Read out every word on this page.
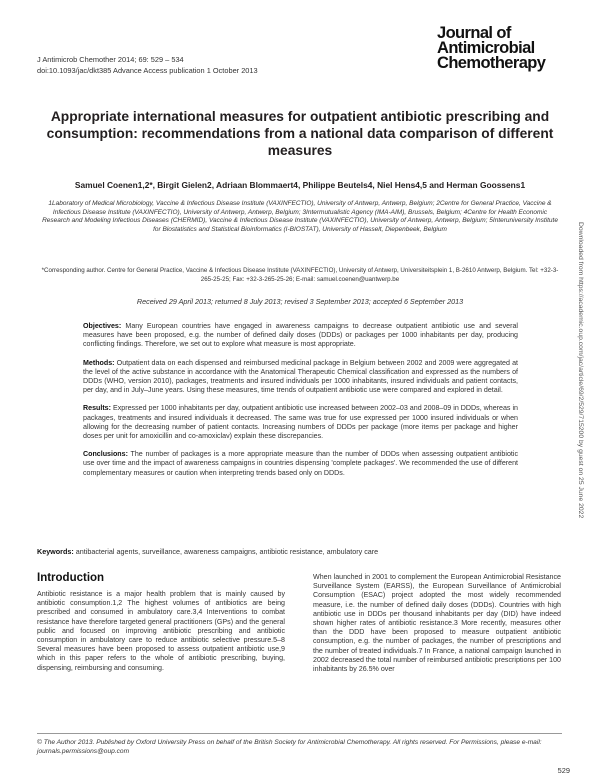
J Antimicrob Chemother 2014; 69: 529 – 534
doi:10.1093/jac/dkt385 Advance Access publication 1 October 2013
Journal of
Antimicrobial
Chemotherapy
Appropriate international measures for outpatient antibiotic prescribing and consumption: recommendations from a national data comparison of different measures
Samuel Coenen1,2*, Birgit Gielen2, Adriaan Blommaert4, Philippe Beutels4, Niel Hens4,5 and Herman Goossens1
1Laboratory of Medical Microbiology, Vaccine & Infectious Disease Institute (VAXINFECTIO), University of Antwerp, Antwerp, Belgium; 2Centre for General Practice, Vaccine & Infectious Disease Institute (VAXINFECTIO), University of Antwerp, Antwerp, Belgium; 3Intermutualistic Agency (IMA-AIM), Brussels, Belgium; 4Centre for Health Economic Research and Modeling Infectious Diseases (CHERMID), Vaccine & Infectious Disease Institute (VAXINFECTIO), University of Antwerp, Antwerp, Belgium; 5Interuniversity Institute for Biostatistics and Statistical Bioinformatics (I-BIOSTAT), University of Hasselt, Diepenbeek, Belgium
*Corresponding author. Centre for General Practice, Vaccine & Infectious Disease Institute (VAXINFECTIO), University of Antwerp, Universiteitsplein 1, B-2610 Antwerp, Belgium. Tel: +32-3-265-25-25; Fax: +32-3-265-25-26; E-mail: samuel.coenen@uantwerp.be
Received 29 April 2013; returned 8 July 2013; revised 3 September 2013; accepted 6 September 2013

Objectives: Many European countries have engaged in awareness campaigns to decrease outpatient antibiotic use and several measures have been proposed, e.g. the number of defined daily doses (DDDs) or packages per 1000 inhabitants per day, producing conflicting findings. Therefore, we set out to explore what measure is most appropriate.

Methods: Outpatient data on each dispensed and reimbursed medicinal package in Belgium between 2002 and 2009 were aggregated at the level of the active substance in accordance with the Anatomical Therapeutic Chemical classification and expressed as the numbers of DDDs (WHO, version 2010), packages, treatments and insured individuals per 1000 inhabitants, insured individuals and patient contacts, per day, and in July–June years. Using these measures, time trends of outpatient antibiotic use were compared and explored in detail.

Results: Expressed per 1000 inhabitants per day, outpatient antibiotic use increased between 2002–03 and 2008–09 in DDDs, whereas in packages, treatments and insured individuals it decreased. The same was true for use expressed per 1000 insured individuals or when allowing for the decreasing number of patient contacts. Increasing numbers of DDDs per package (more items per package and higher doses per unit for amoxicillin and co-amoxiclav) explain these discrepancies.

Conclusions: The number of packages is a more appropriate measure than the number of DDDs when assessing outpatient antibiotic use over time and the impact of awareness campaigns in countries dispensing 'complete packages'. We recommended the use of different complementary measures or caution when interpreting trends based only on DDDs.

Keywords: antibacterial agents, surveillance, awareness campaigns, antibiotic resistance, ambulatory care
Introduction
Antibiotic resistance is a major health problem that is mainly caused by antibiotic consumption.1,2 The highest volumes of antibiotics are being prescribed and consumed in ambulatory care.3,4 Interventions to combat resistance have therefore targeted general practitioners (GPs) and the general public and focused on improving antibiotic prescribing and antibiotic consumption in ambulatory care to reduce antibiotic selective pressure.5–8 Several measures have been proposed to assess outpatient antibiotic use,9 which in this paper refers to the whole of antibiotic prescribing, buying, dispensing, reimbursing and consuming.
When launched in 2001 to complement the European Antimicrobial Resistance Surveillance System (EARSS), the European Surveillance of Antimicrobial Consumption (ESAC) project adopted the most widely recommended measure, i.e. the number of defined daily doses (DDDs). Countries with high antibiotic use in DDDs per thousand inhabitants per day (DID) have indeed shown higher rates of antibiotic resistance.3 More recently, measures other than the DDD have been proposed to measure outpatient antibiotic consumption, e.g. the number of packages, the number of prescriptions and the number of treated individuals.7 In France, a national campaign launched in 2002 decreased the total number of reimbursed antibiotic prescriptions per 100 inhabitants by 26.5% over
© The Author 2013. Published by Oxford University Press on behalf of the British Society for Antimicrobial Chemotherapy. All rights reserved. For Permissions, please e-mail: journals.permissions@oup.com
529
Downloaded from https://academic.oup.com/jac/article/69/2/529/715200 by guest on 25 June 2022
